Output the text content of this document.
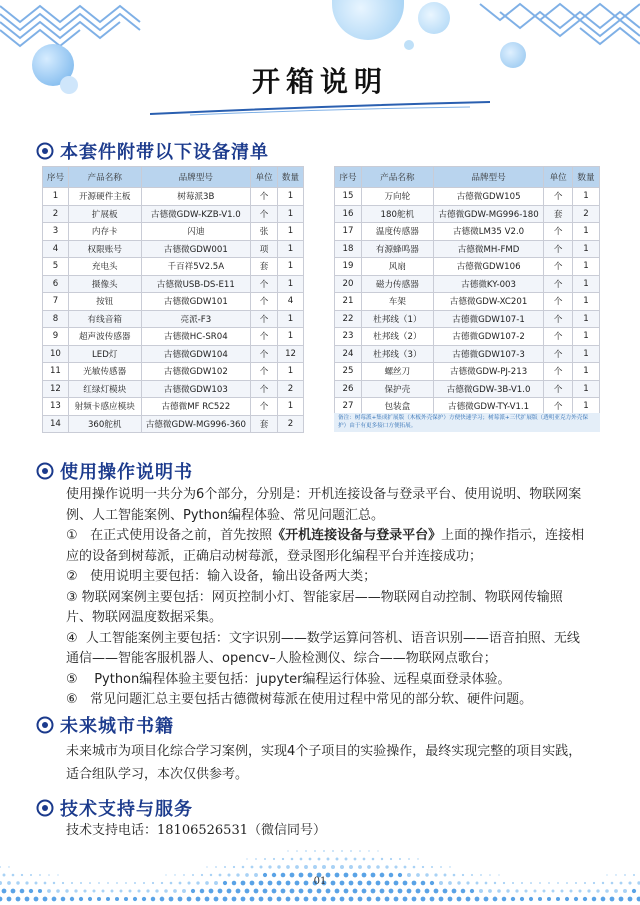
开箱说明
本套件附带以下设备清单
序号	产品名称	品牌型号	单位	数量
1	开源硬件主板	树莓派3B	个	1
2	扩展板	古德微GDW-KZB-V1.0	个	1
3	内存卡	闪迪	张	1
4	权限账号	古德微GDW001	项	1
5	充电头	千百祥5V2.5A	套	1
6	摄像头	古德微USB-DS-E11	个	1
7	按钮	古德微GDW101	个	4
8	有线音箱	亮派-F3	个	1
9	超声波传感器	古德微HC-SR04	个	1
10	LED灯	古德微GDW104	个	12
11	光敏传感器	古德微GDW102	个	1
12	红绿灯模块	古德微GDW103	个	2
13	射频卡感应模块	古德微MF RC522	个	1
14	360舵机	古德微GDW-MG996-360	套	2
序号	产品名称	品牌型号	单位	数量
15	万向轮	古德微GDW105	个	1
16	180舵机	古德微GDW-MG996-180	套	2
17	温度传感器	古德微LM35 V2.0	个	1
18	有源蜂鸣器	古德微MH-FMD	个	1
19	风扇	古德微GDW106	个	1
20	磁力传感器	古德微KY-003	个	1
21	车架	古德微GDW-XC201	个	1
22	杜邦线（1）	古德微GDW107-1	个	1
23	杜邦线（2）	古德微GDW107-2	个	1
24	杜邦线（3）	古德微GDW107-3	个	1
25	螺丝刀	古德微GDW-PJ-213	个	1
26	保护壳	古德微GDW-3B-V1.0	个	1
27	包装盒	古德微GDW-TY-V1.1	个	1
备注：树莓派+集成扩展版（木板外壳保护）方便快速学习；树莓派+三代扩展版（透明亚克力外壳保护）由于有更多接口方便拓展。
使用操作说明书
使用操作说明一共分为6个部分，分别是：开机连接设备与登录平台、使用说明、物联网案例、人工智能案例、Python编程体验、常见问题汇总。
① 在正式使用设备之前，首先按照《开机连接设备与登录平台》上面的操作指示，连接相应的设备到树莓派，正确启动树莓派，登录图形化编程平台并连接成功；
② 使用说明主要包括：输入设备，输出设备两大类；
③ 物联网案例主要包括：网页控制小灯、智能家居——物联网自动控制、物联网传输照片、物联网温度数据采集。
④ 人工智能案例主要包括：文字识别——数学运算问答机、语音识别——语音拍照、无线通信——智能客服机器人、opencv–人脸检测仪、综合——物联网点歌台；
⑤ Python编程体验主要包括：jupyter编程运行体验、远程桌面登录体验。
⑥ 常见问题汇总主要包括古德微树莓派在使用过程中常见的部分软、硬件问题。
未来城市书籍
未来城市为项目化综合学习案例，实现4个子项目的实验操作，最终实现完整的项目实践，适合组队学习，本次仅供参考。
技术支持与服务
技术支持电话：18106526531（微信同号）
01
